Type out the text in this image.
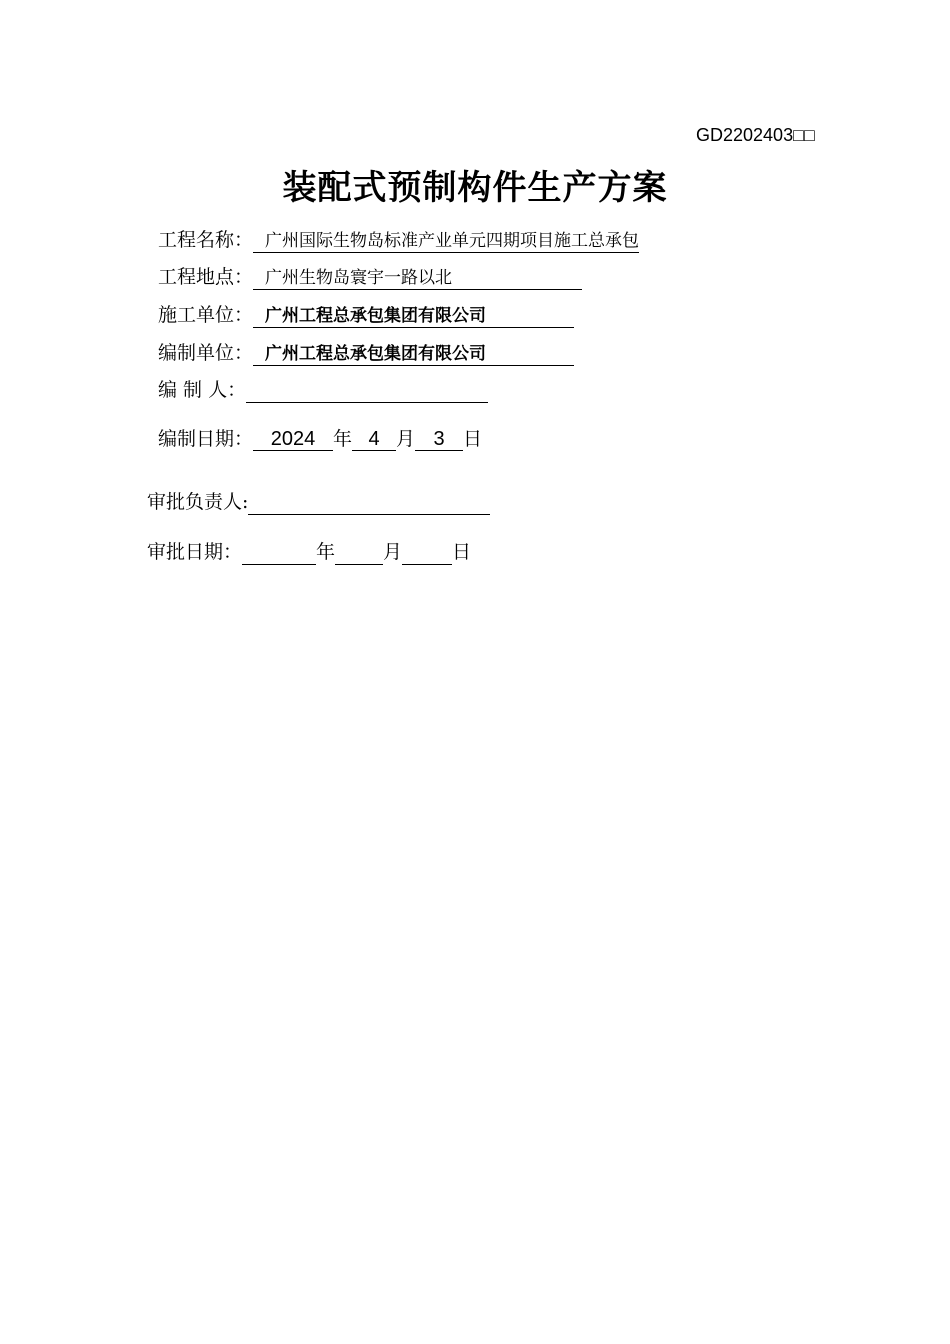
GD2202403□□
装配式预制构件生产方案
工程名称： 广州国际生物岛标准产业单元四期项目施工总承包
工程地点： 广州生物岛寰宇一路以北
施工单位： 广州工程总承包集团有限公司
编制单位： 广州工程总承包集团有限公司
编 制 人：
编制日期： 2024 年 4 月 3 日
审批负责人:
审批日期：	年	月	日
